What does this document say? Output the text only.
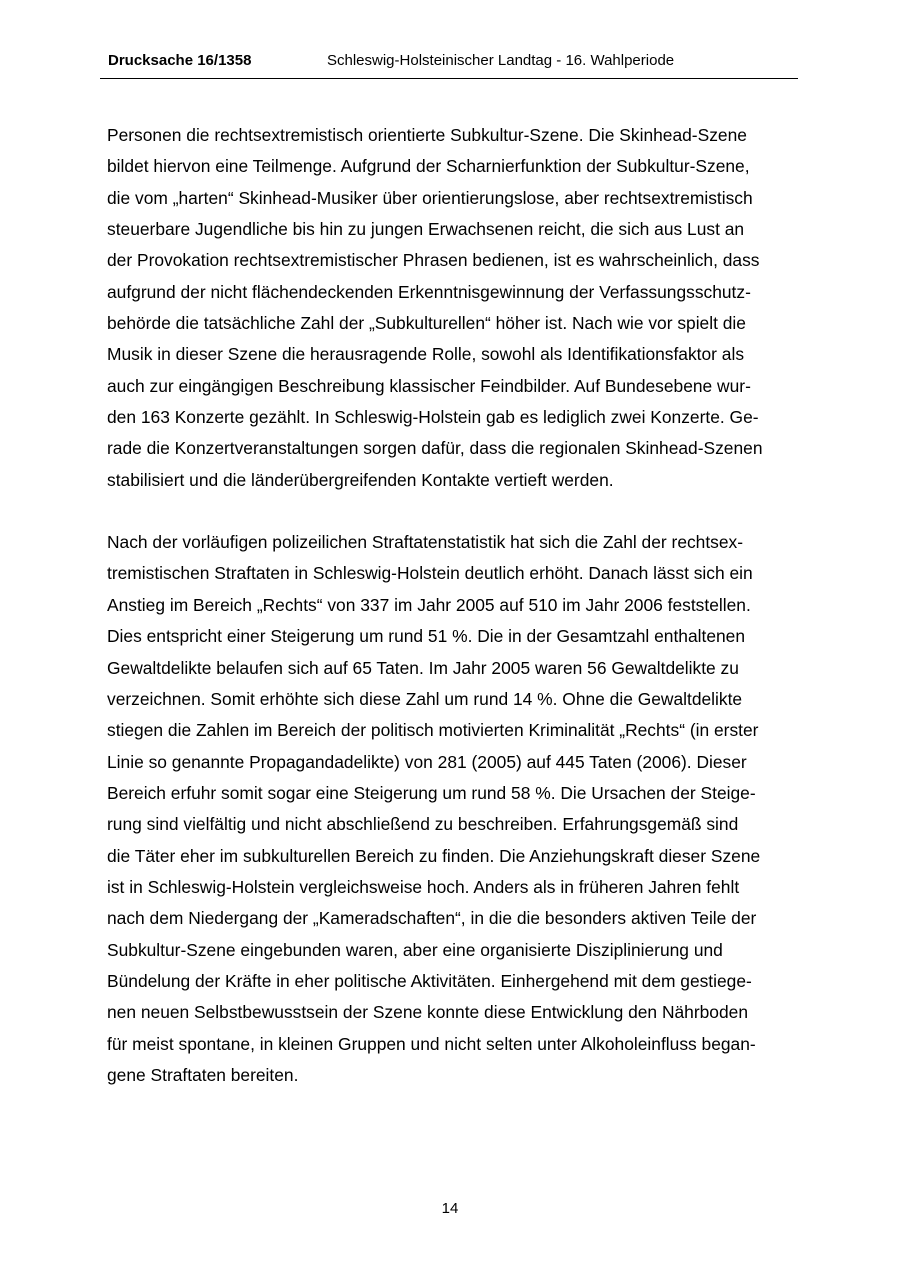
Drucksache 16/1358	Schleswig-Holsteinischer Landtag - 16. Wahlperiode
Personen die rechtsextremistisch orientierte Subkultur-Szene. Die Skinhead-Szene
bildet hiervon eine Teilmenge. Aufgrund der Scharnierfunktion der Subkultur-Szene,
die vom „harten“ Skinhead-Musiker über orientierungslose, aber rechtsextremistisch
steuerbare Jugendliche bis hin zu jungen Erwachsenen reicht, die sich aus Lust an
der Provokation rechtsextremistischer Phrasen bedienen, ist es wahrscheinlich, dass
aufgrund der nicht flächendeckenden Erkenntnisgewinnung der Verfassungsschutz-
behörde die tatsächliche Zahl der „Subkulturellen“ höher ist. Nach wie vor spielt die
Musik in dieser Szene die herausragende Rolle, sowohl als Identifikationsfaktor als
auch zur eingängigen Beschreibung klassischer Feindbilder. Auf Bundesebene wur-
den 163 Konzerte gezählt. In Schleswig-Holstein gab es lediglich zwei Konzerte. Ge-
rade die Konzertveranstaltungen sorgen dafür, dass die regionalen Skinhead-Szenen
stabilisiert und die länderübergreifenden Kontakte vertieft werden.
Nach der vorläufigen polizeilichen Straftatenstatistik hat sich die Zahl der rechtsex-
tremistischen Straftaten in Schleswig-Holstein deutlich erhöht. Danach lässt sich ein
Anstieg im Bereich „Rechts“ von 337 im Jahr 2005 auf 510 im Jahr 2006 feststellen.
Dies entspricht einer Steigerung um rund 51 %. Die in der Gesamtzahl enthaltenen
Gewaltdelikte belaufen sich auf 65 Taten. Im Jahr 2005 waren 56 Gewaltdelikte zu
verzeichnen. Somit erhöhte sich diese Zahl um rund 14 %. Ohne die Gewaltdelikte
stiegen die Zahlen im Bereich der politisch motivierten Kriminalität „Rechts“ (in erster
Linie so genannte Propagandadelikte) von 281 (2005) auf 445 Taten (2006). Dieser
Bereich erfuhr somit sogar eine Steigerung um rund 58 %. Die Ursachen der Steige-
rung sind vielfältig und nicht abschließend zu beschreiben. Erfahrungsgemäß sind
die Täter eher im subkulturellen Bereich zu finden. Die Anziehungskraft dieser Szene
ist in Schleswig-Holstein vergleichsweise hoch. Anders als in früheren Jahren fehlt
nach dem Niedergang der „Kameradschaften“, in die die besonders aktiven Teile der
Subkultur-Szene eingebunden waren, aber eine organisierte Disziplinierung und
Bündelung der Kräfte in eher politische Aktivitäten. Einhergehend mit dem gestiege-
nen neuen Selbstbewusstsein der Szene konnte diese Entwicklung den Nährboden
für meist spontane, in kleinen Gruppen und nicht selten unter Alkoholeinfluss began-
gene Straftaten bereiten.
14
